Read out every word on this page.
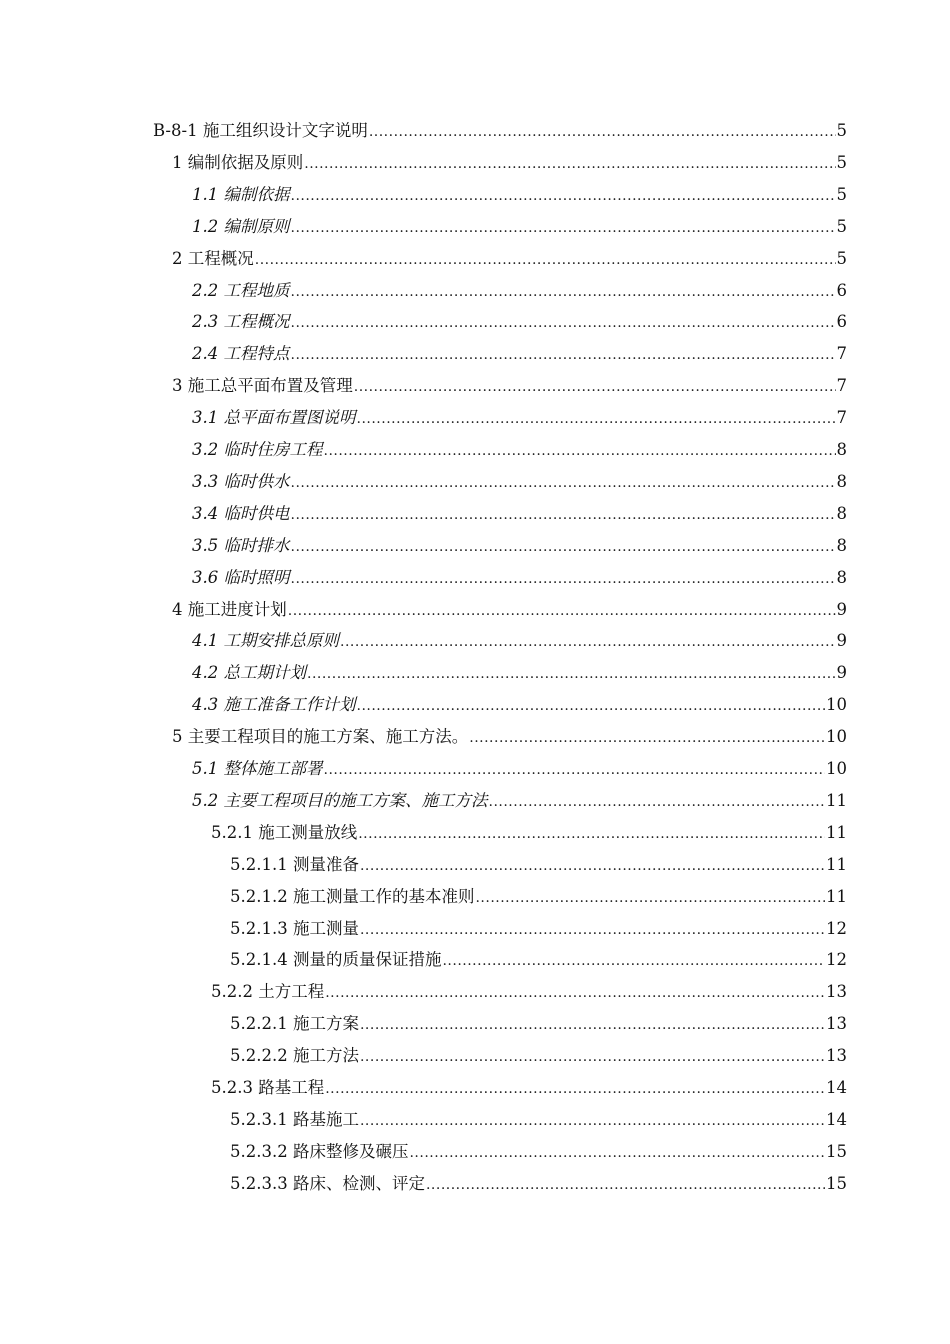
B-8-1 施工组织设计文字说明 .....	5
1 编制依据及原则 .....	5
1.1 编制依据 .....	5
1.2 编制原则 .....	5
2 工程概况 .....	5
2.2 工程地质 .....	6
2.3 工程概况 .....	6
2.4 工程特点 .....	7
3 施工总平面布置及管理 .....	7
3.1 总平面布置图说明 .....	7
3.2 临时住房工程 .....	8
3.3 临时供水 .....	8
3.4 临时供电 .....	8
3.5 临时排水 .....	8
3.6 临时照明 .....	8
4 施工进度计划 .....	9
4.1 工期安排总原则 .....	9
4.2 总工期计划 .....	9
4.3 施工准备工作计划 .....	10
5 主要工程项目的施工方案、施工方法。 .....	10
5.1 整体施工部署 .....	10
5.2 主要工程项目的施工方案、施工方法 .....	11
5.2.1 施工测量放线 .....	11
5.2.1.1 测量准备 .....	11
5.2.1.2 施工测量工作的基本准则 .....	11
5.2.1.3 施工测量 .....	12
5.2.1.4 测量的质量保证措施 .....	12
5.2.2 土方工程 .....	13
5.2.2.1 施工方案 .....	13
5.2.2.2 施工方法 .....	13
5.2.3 路基工程 .....	14
5.2.3.1 路基施工 .....	14
5.2.3.2 路床整修及碾压 .....	15
5.2.3.3 路床、检测、评定 .....	15
